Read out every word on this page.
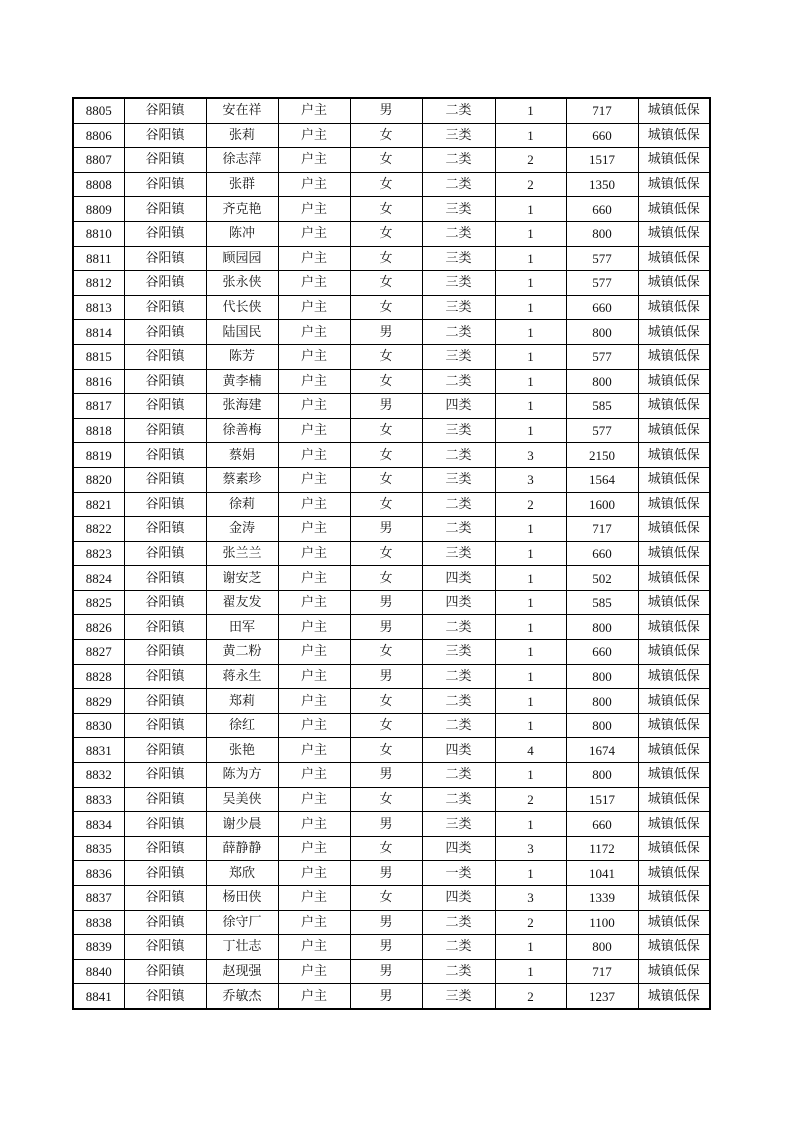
8805	谷阳镇	安在祥	户主	男	二类	1	717	城镇低保
8806	谷阳镇	张莉	户主	女	三类	1	660	城镇低保
8807	谷阳镇	徐志萍	户主	女	二类	2	1517	城镇低保
8808	谷阳镇	张群	户主	女	二类	2	1350	城镇低保
8809	谷阳镇	齐克艳	户主	女	三类	1	660	城镇低保
8810	谷阳镇	陈冲	户主	女	二类	1	800	城镇低保
8811	谷阳镇	顾园园	户主	女	三类	1	577	城镇低保
8812	谷阳镇	张永侠	户主	女	三类	1	577	城镇低保
8813	谷阳镇	代长侠	户主	女	三类	1	660	城镇低保
8814	谷阳镇	陆国民	户主	男	二类	1	800	城镇低保
8815	谷阳镇	陈芳	户主	女	三类	1	577	城镇低保
8816	谷阳镇	黄李楠	户主	女	二类	1	800	城镇低保
8817	谷阳镇	张海建	户主	男	四类	1	585	城镇低保
8818	谷阳镇	徐善梅	户主	女	三类	1	577	城镇低保
8819	谷阳镇	蔡娟	户主	女	二类	3	2150	城镇低保
8820	谷阳镇	蔡素珍	户主	女	三类	3	1564	城镇低保
8821	谷阳镇	徐莉	户主	女	二类	2	1600	城镇低保
8822	谷阳镇	金涛	户主	男	二类	1	717	城镇低保
8823	谷阳镇	张兰兰	户主	女	三类	1	660	城镇低保
8824	谷阳镇	谢安芝	户主	女	四类	1	502	城镇低保
8825	谷阳镇	翟友发	户主	男	四类	1	585	城镇低保
8826	谷阳镇	田军	户主	男	二类	1	800	城镇低保
8827	谷阳镇	黄二粉	户主	女	三类	1	660	城镇低保
8828	谷阳镇	蒋永生	户主	男	二类	1	800	城镇低保
8829	谷阳镇	郑莉	户主	女	二类	1	800	城镇低保
8830	谷阳镇	徐红	户主	女	二类	1	800	城镇低保
8831	谷阳镇	张艳	户主	女	四类	4	1674	城镇低保
8832	谷阳镇	陈为方	户主	男	二类	1	800	城镇低保
8833	谷阳镇	吴美侠	户主	女	二类	2	1517	城镇低保
8834	谷阳镇	谢少晨	户主	男	三类	1	660	城镇低保
8835	谷阳镇	薛静静	户主	女	四类	3	1172	城镇低保
8836	谷阳镇	郑欣	户主	男	一类	1	1041	城镇低保
8837	谷阳镇	杨田侠	户主	女	四类	3	1339	城镇低保
8838	谷阳镇	徐守厂	户主	男	二类	2	1100	城镇低保
8839	谷阳镇	丁壮志	户主	男	二类	1	800	城镇低保
8840	谷阳镇	赵现强	户主	男	二类	1	717	城镇低保
8841	谷阳镇	乔敏杰	户主	男	三类	2	1237	城镇低保
